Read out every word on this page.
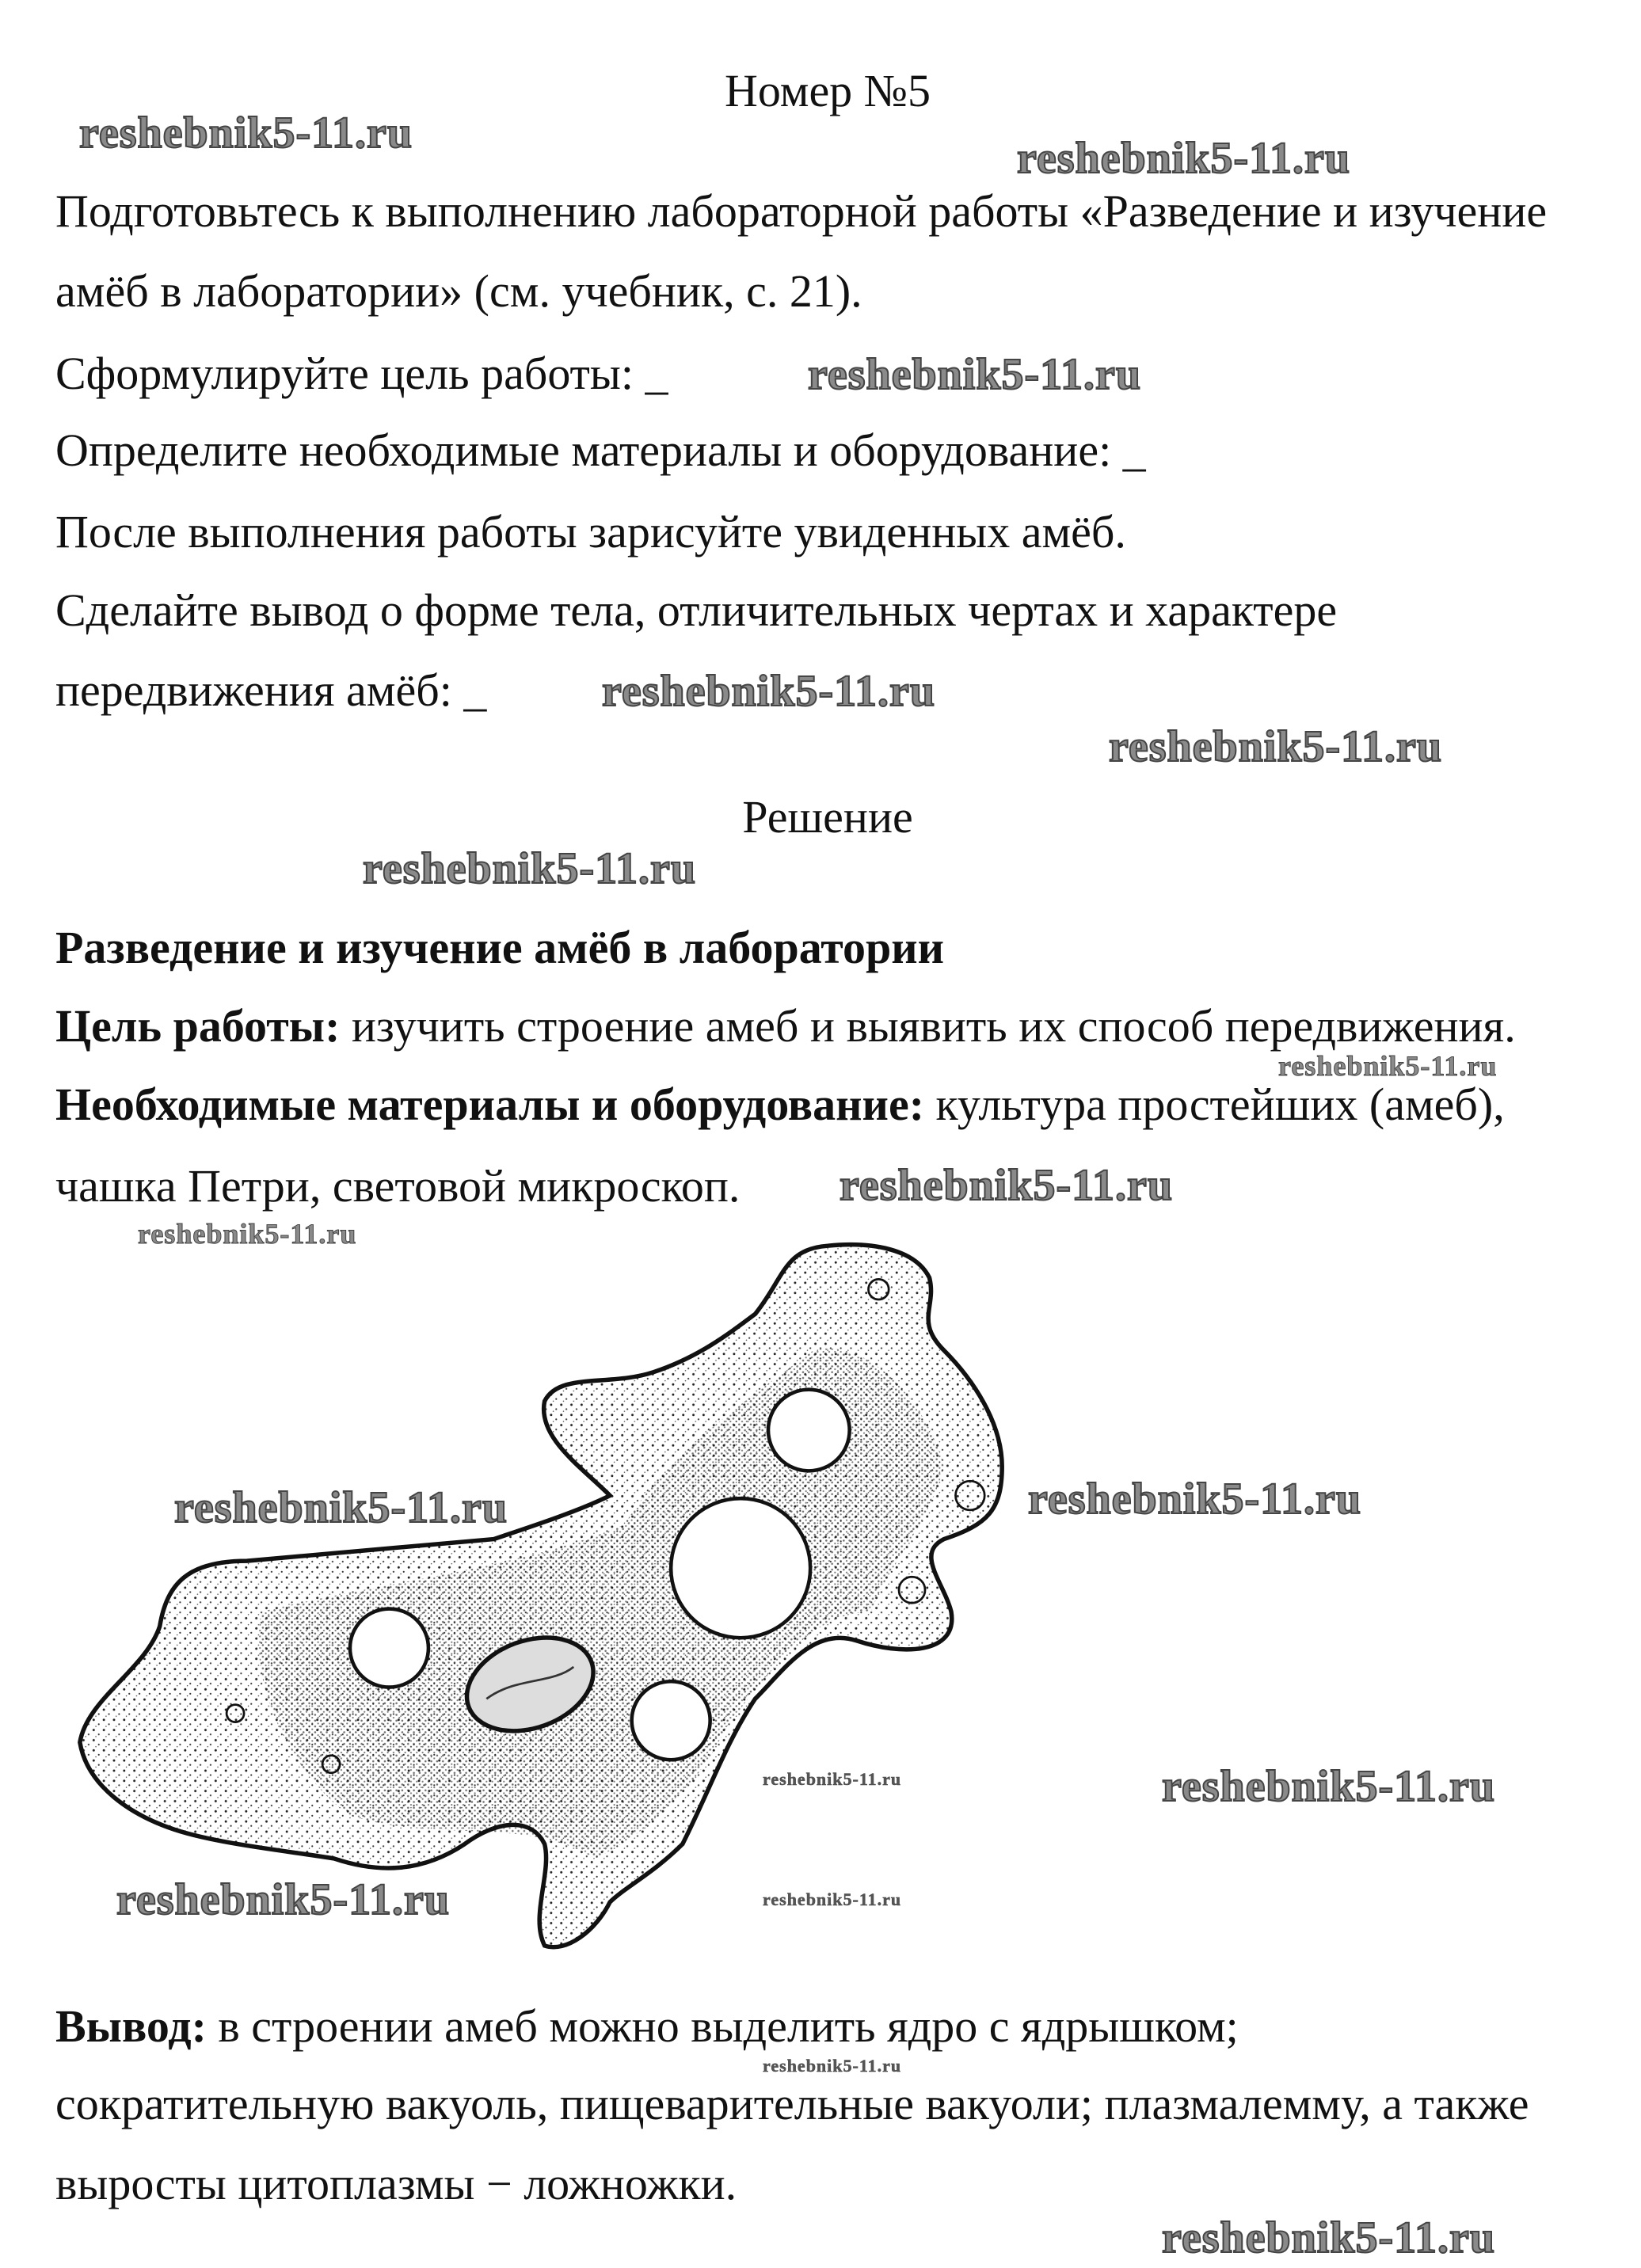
Номер №5
Подготовьтесь к выполнению лабораторной работы «Разведение и изучение
амёб в лаборатории» (см. учебник, с. 21).
Сформулируйте цель работы: _
Определите необходимые материалы и оборудование: _
После выполнения работы зарисуйте увиденных амёб.
Сделайте вывод о форме тела, отличительных чертах и характере
передвижения амёб: _
Решение
Разведение и изучение амёб в лаборатории
Цель работы: изучить строение амеб и выявить их способ передвижения.
Необходимые материалы и оборудование: культура простейших (амеб),
чашка Петри, световой микроскоп.
Вывод: в строении амеб можно выделить ядро с ядрышком;
сократительную вакуоль, пищеварительные вакуоли; плазмалемму, а также
выросты цитоплазмы − ложножки.
reshebnik5-11.ru
reshebnik5-11.ru
reshebnik5-11.ru
reshebnik5-11.ru
reshebnik5-11.ru
reshebnik5-11.ru
reshebnik5-11.ru
reshebnik5-11.ru
reshebnik5-11.ru
reshebnik5-11.ru	reshebnik5-11.ru
reshebnik5-11.ru	reshebnik5-11.ru
reshebnik5-11.ru	reshebnik5-11.ru
reshebnik5-11.ru
reshebnik5-11.ru
